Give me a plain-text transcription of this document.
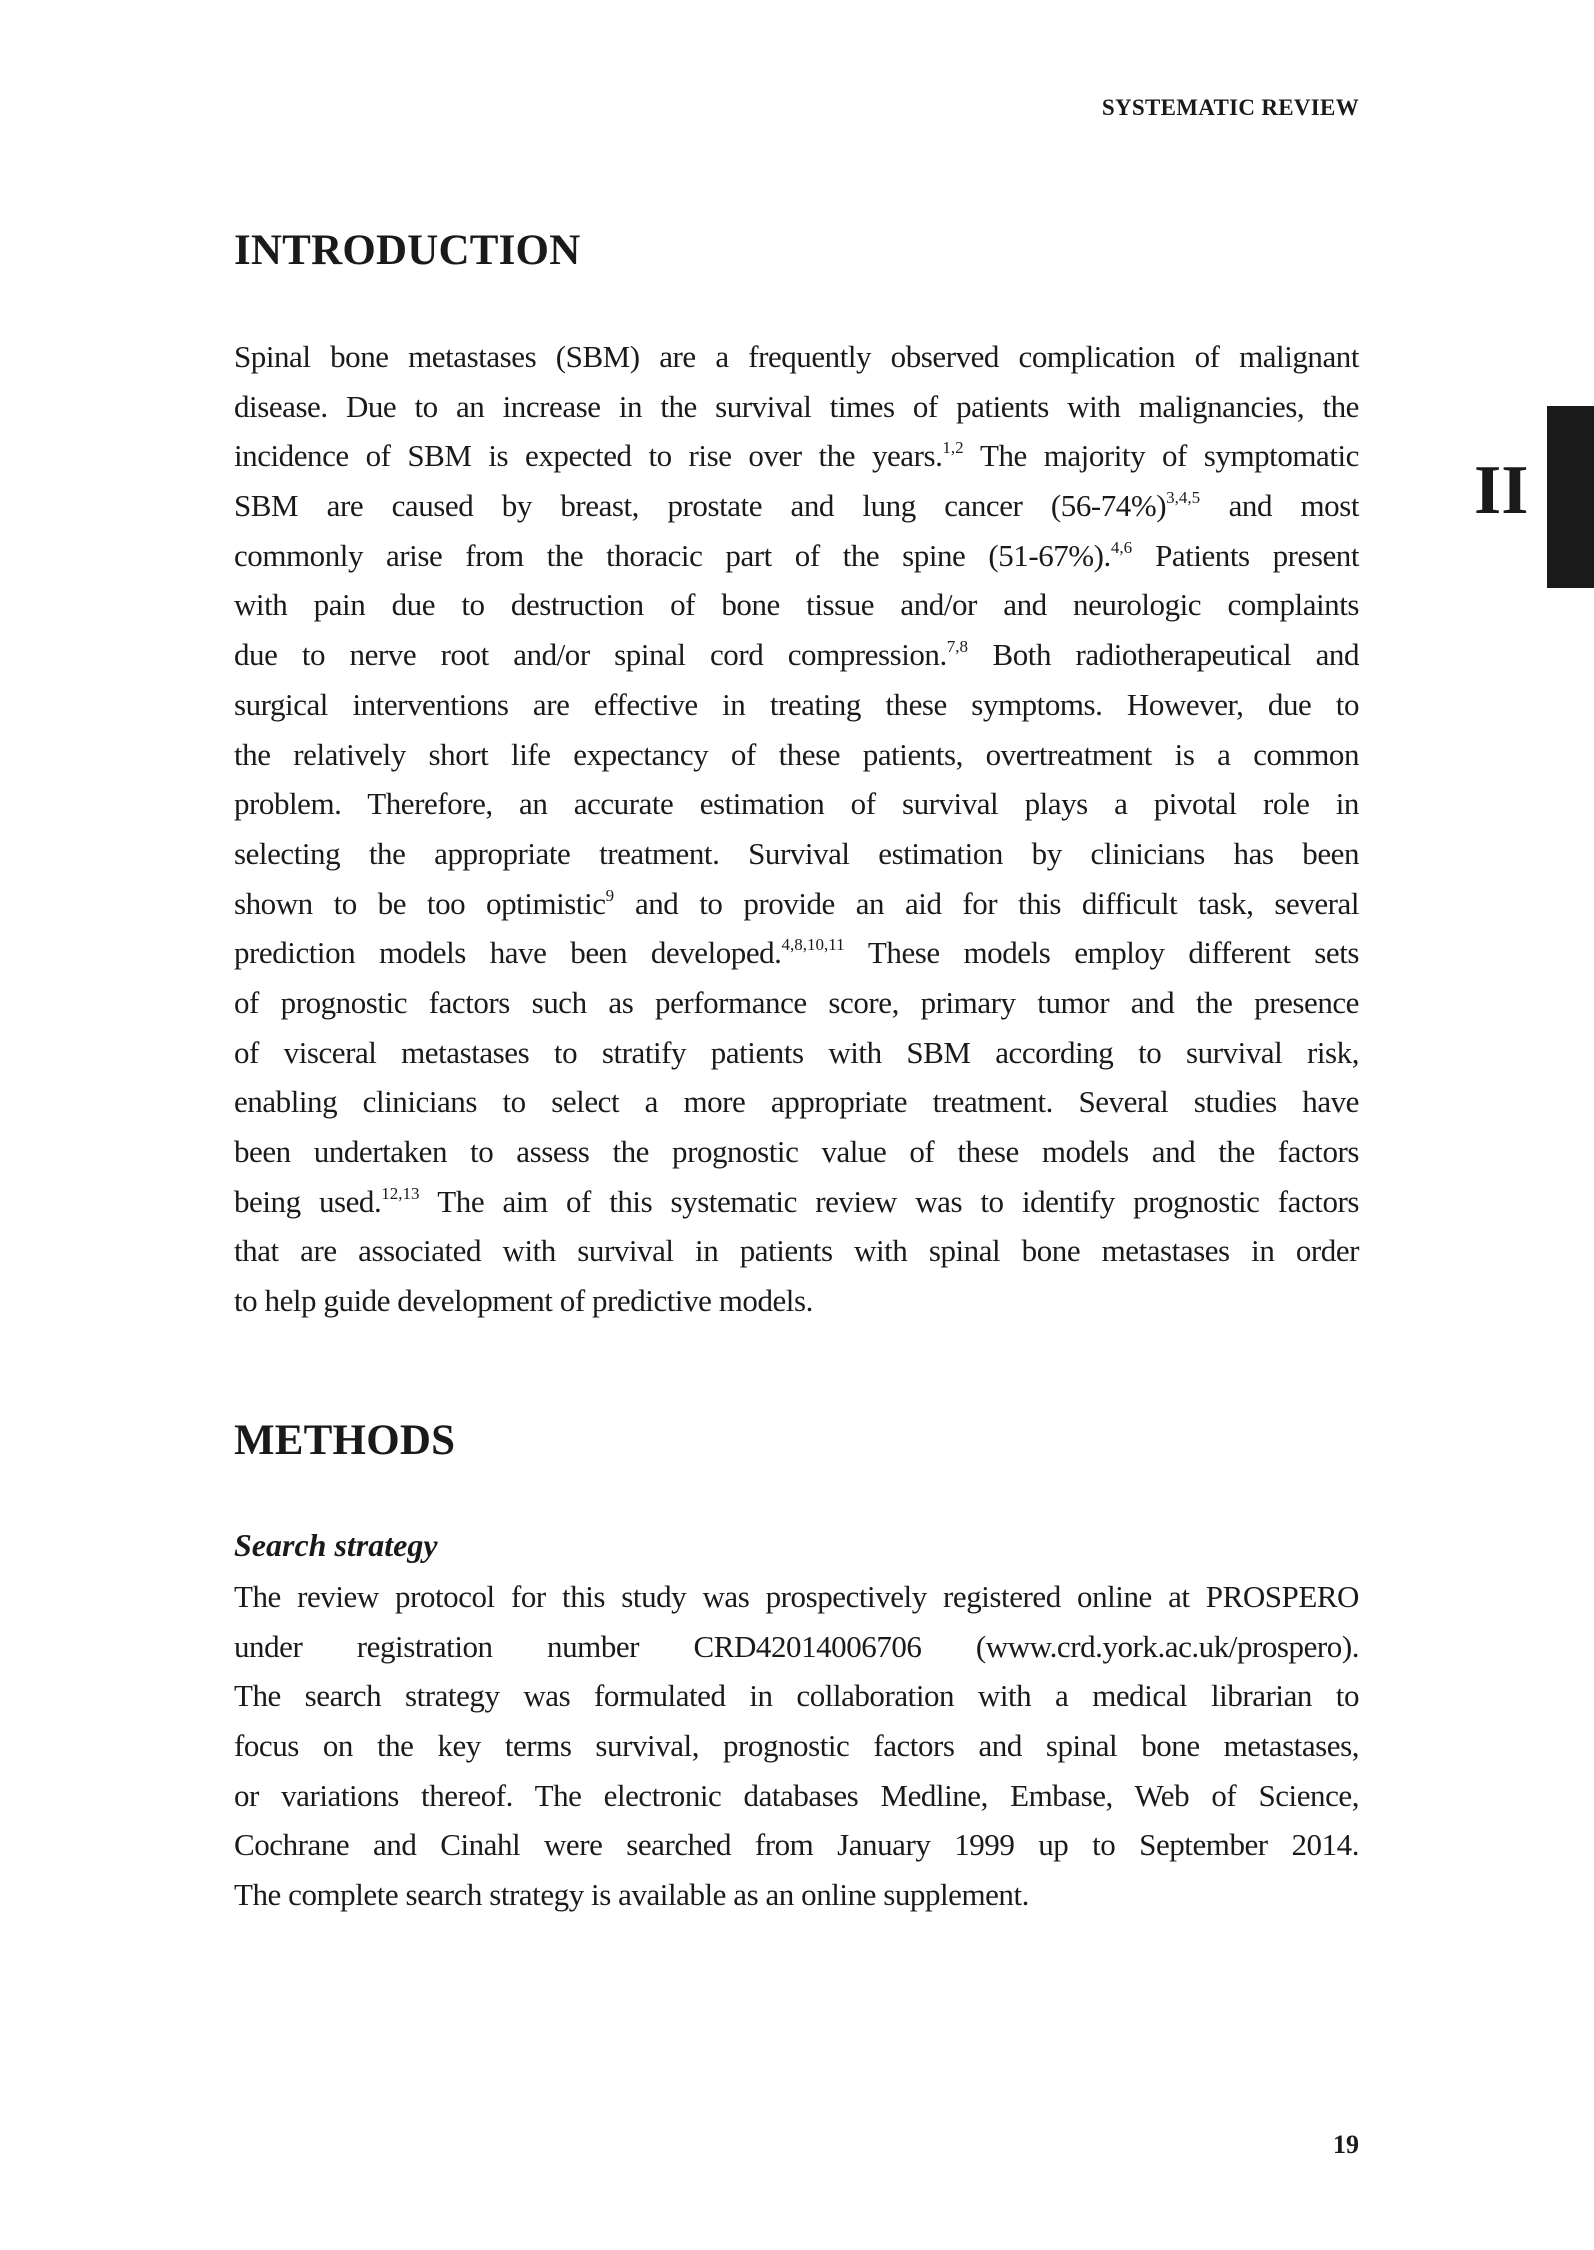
SYSTEMATIC REVIEW
II
INTRODUCTION
Spinal bone metastases (SBM) are a frequently observed complication of malignant
disease. Due to an increase in the survival times of patients with malignancies, the
incidence of SBM is expected to rise over the years.$^{1,2}$ The majority of symptomatic
SBM are caused by breast, prostate and lung cancer $(56-74\%)^{3,4,5}$ and most
commonly arise from the thoracic part of the spine (51-67%).$^{4,6}$ Patients present
with pain due to destruction of bone tissue and/or and neurologic complaints
due to nerve root and/or spinal cord compression.$^{7,8}$ Both radiotherapeutical and
surgical interventions are effective in treating these symptoms. However, due to
the relatively short life expectancy of these patients, overtreatment is a common
problem. Therefore, an accurate estimation of survival plays a pivotal role in
selecting the appropriate treatment. Survival estimation by clinicians has been
shown to be too optimistic$^9$ and to provide an aid for this difficult task, several
prediction models have been developed.$^{4,8,10,11}$ These models employ different sets
of prognostic factors such as performance score, primary tumor and the presence
of visceral metastases to stratify patients with SBM according to survival risk,
enabling clinicians to select a more appropriate treatment. Several studies have
been undertaken to assess the prognostic value of these models and the factors
being used.$^{12,13}$ The aim of this systematic review was to identify prognostic factors
that are associated with survival in patients with spinal bone metastases in order
to help guide development of predictive models.
METHODS
Search strategy
The review protocol for this study was prospectively registered online at PROSPERO
under registration number CRD42014006706 (www.crd.york.ac.uk/prospero).
The search strategy was formulated in collaboration with a medical librarian to
focus on the key terms survival, prognostic factors and spinal bone metastases,
or variations thereof. The electronic databases Medline, Embase, Web of Science,
Cochrane and Cinahl were searched from January 1999 up to September 2014.
The complete search strategy is available as an online supplement.
19
